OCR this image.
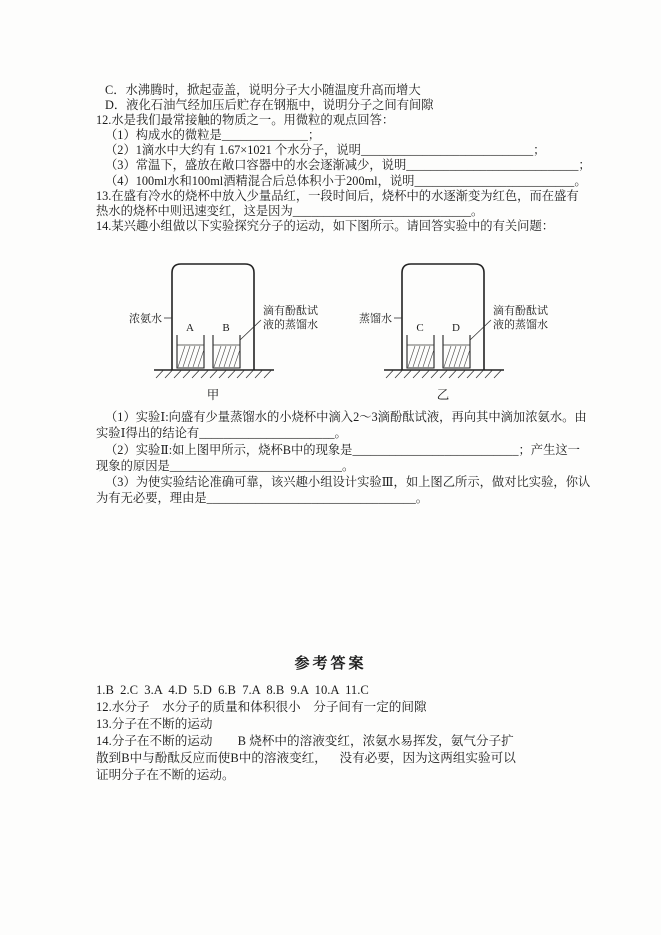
C．水沸腾时，掀起壶盖，说明分子大小随温度升高而增大
D．液化石油气经加压后贮存在钢瓶中，说明分子之间有间隙
12.水是我们最常接触的物质之一。用微粒的观点回答：
（1）构成水的微粒是______________；
（2）1滴水中大约有 1.67×1021 个水分子，说明____________________________；
（3）常温下，盛放在敞口容器中的水会逐渐减少，说明____________________________；
（4）100ml水和100ml酒精混合后总体积小于200ml，说明__________________________。
13.在盛有冷水的烧杯中放入少量品红，一段时间后，烧杯中的水逐渐变为红色，而在盛有
热水的烧杯中则迅速变红，这是因为_____________________________。
14.某兴趣小组做以下实验探究分子的运动，如下图所示。请回答实验中的有关问题：
A	B
浓氨水
滴有酚酞试
液的蒸馏水
甲
C	D
蒸馏水
滴有酚酞试
液的蒸馏水
乙
（1）实验Ⅰ:向盛有少量蒸馏水的小烧杯中滴入2～3滴酚酞试液，再向其中滴加浓氨水。由
实验Ⅰ得出的结论有______________________。
（2）实验Ⅱ:如上图甲所示，烧杯B中的现象是___________________________；产生这一
现象的原因是____________________________。
（3）为使实验结论准确可靠，该兴趣小组设计实验Ⅲ，如上图乙所示，做对比实验，你认
为有无必要，理由是__________________________________。
参考答案
1.B  2.C  3.A  4.D  5.D  6.B  7.A  8.B  9.A  10.A  11.C
12.水分子    水分子的质量和体积很小    分子间有一定的间隙
13.分子在不断的运动
14.分子在不断的运动        B 烧杯中的溶液变红，浓氨水易挥发，氨气分子扩
散到B中与酚酞反应而使B中的溶液变红，    没有必要，因为这两组实验可以
证明分子在不断的运动。
